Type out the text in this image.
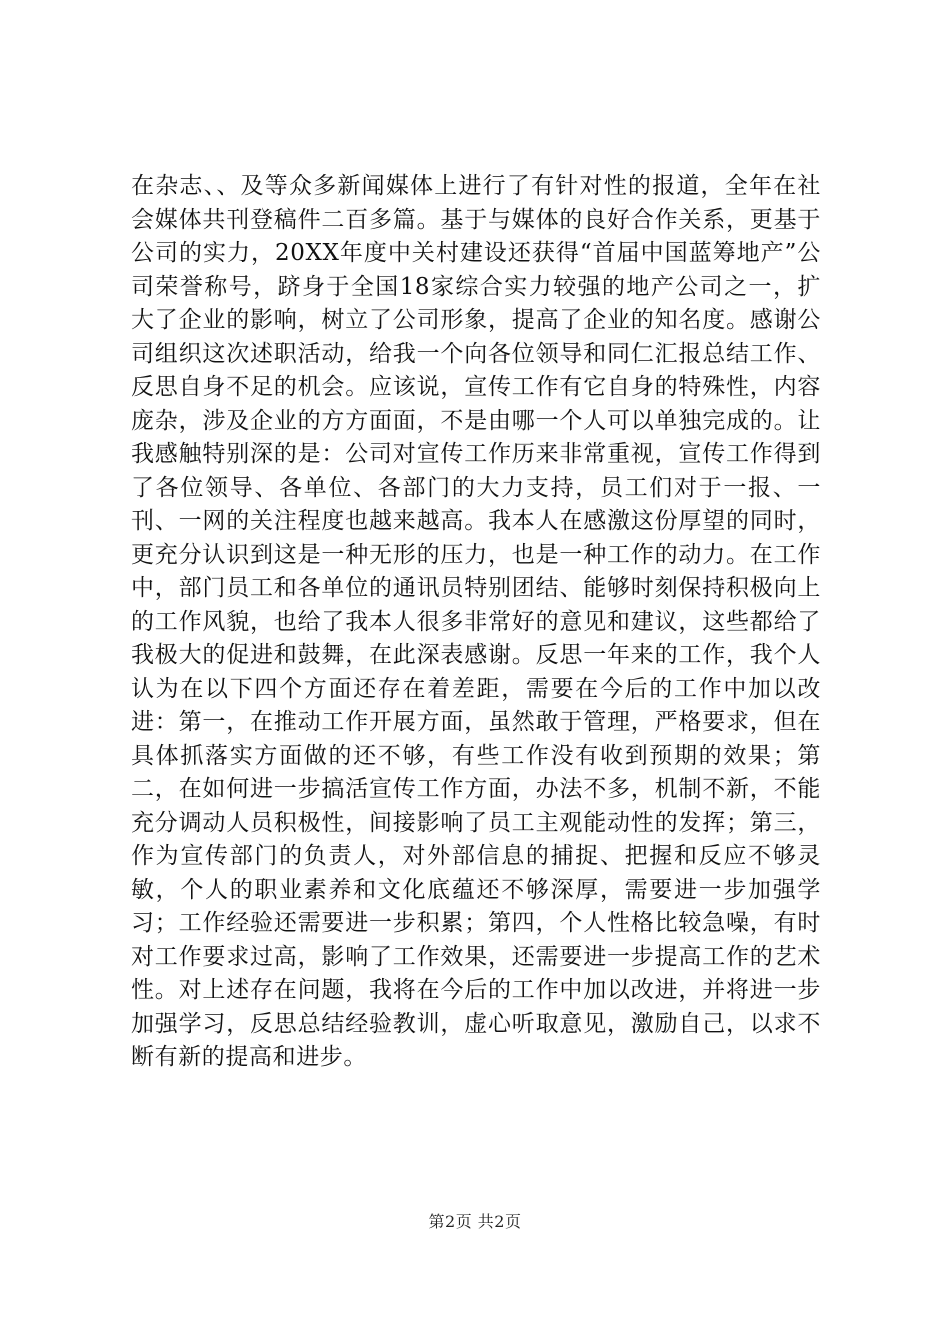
在杂志、、及等众多新闻媒体上进行了有针对性的报道，全年在社会媒体共刊登稿件二百多篇。基于与媒体的良好合作关系，更基于公司的实力，20XX年度中关村建设还获得“首届中国蓝筹地产”公司荣誉称号，跻身于全国18家综合实力较强的地产公司之一，扩大了企业的影响，树立了公司形象，提高了企业的知名度。感谢公司组织这次述职活动，给我一个向各位领导和同仁汇报总结工作、反思自身不足的机会。应该说，宣传工作有它自身的特殊性，内容庞杂，涉及企业的方方面面，不是由哪一个人可以单独完成的。让我感触特别深的是：公司对宣传工作历来非常重视，宣传工作得到了各位领导、各单位、各部门的大力支持，员工们对于一报、一刊、一网的关注程度也越来越高。我本人在感激这份厚望的同时，更充分认识到这是一种无形的压力，也是一种工作的动力。在工作中，部门员工和各单位的通讯员特别团结、能够时刻保持积极向上的工作风貌，也给了我本人很多非常好的意见和建议，这些都给了我极大的促进和鼓舞，在此深表感谢。反思一年来的工作，我个人认为在以下四个方面还存在着差距，需要在今后的工作中加以改进：第一，在推动工作开展方面，虽然敢于管理，严格要求，但在具体抓落实方面做的还不够，有些工作没有收到预期的效果；第二，在如何进一步搞活宣传工作方面，办法不多，机制不新，不能充分调动人员积极性，间接影响了员工主观能动性的发挥；第三，作为宣传部门的负责人，对外部信息的捕捉、把握和反应不够灵敏，个人的职业素养和文化底蕴还不够深厚，需要进一步加强学习；工作经验还需要进一步积累；第四，个人性格比较急噪，有时对工作要求过高，影响了工作效果，还需要进一步提高工作的艺术性。对上述存在问题，我将在今后的工作中加以改进，并将进一步加强学习，反思总结经验教训，虚心听取意见，激励自己，以求不断有新的提高和进步。

第2页 共2页
